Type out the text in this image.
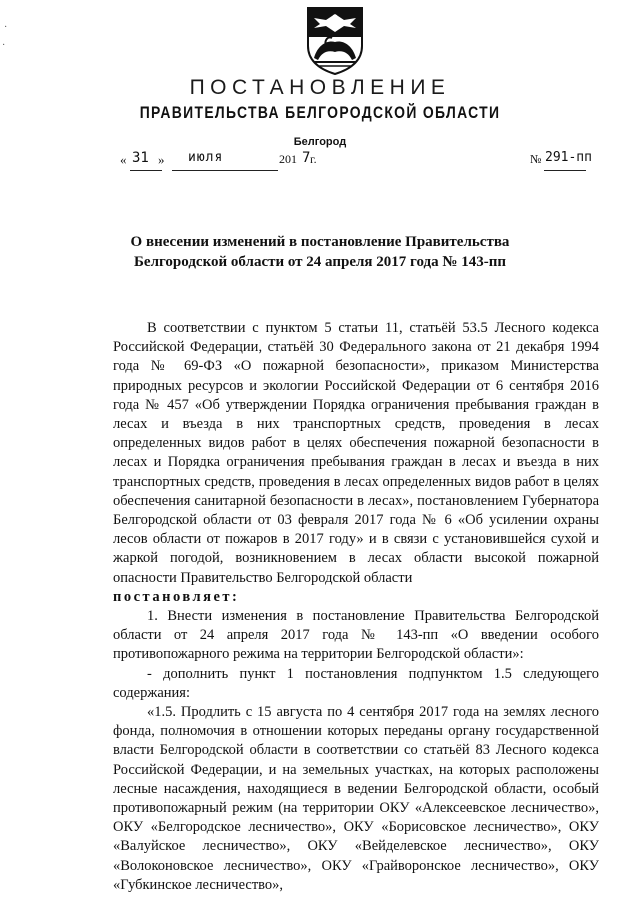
ПОСТАНОВЛЕНИЕ
ПРАВИТЕЛЬСТВА БЕЛГОРОДСКОЙ ОБЛАСТИ
Белгород
« 31 » июля	201 7 г.	№ 291-пп
О внесении изменений в постановление Правительства
Белгородской области от 24 апреля 2017 года № 143-пп

В соответствии с пунктом 5 статьи 11, статьёй 53.5 Лесного кодекса Российской Федерации, статьёй 30 Федерального закона от 21 декабря 1994 года № 69-ФЗ «О пожарной безопасности», приказом Министерства природных ресурсов и экологии Российской Федерации от 6 сентября 2016 года № 457 «Об утверждении Порядка ограничения пребывания граждан в лесах и въезда в них транспортных средств, проведения в лесах определенных видов работ в целях обеспечения пожарной безопасности в лесах и Порядка ограничения пребывания граждан в лесах и въезда в них транспортных средств, проведения в лесах определенных видов работ в целях обеспечения санитарной безопасности в лесах», постановлением Губернатора Белгородской области от 03 февраля 2017 года № 6 «Об усилении охраны лесов области от пожаров в 2017 году» и в связи с установившейся сухой и жаркой погодой, возникновением в лесах области высокой пожарной опасности Правительство Белгородской области

постановляет:

1. Внести изменения в постановление Правительства Белгородской области от 24 апреля 2017 года № 143-пп «О введении особого противопожарного режима на территории Белгородской области»:

- дополнить пункт 1 постановления подпунктом 1.5 следующего содержания:

«1.5. Продлить с 15 августа по 4 сентября 2017 года на землях лесного фонда, полномочия в отношении которых переданы органу государственной власти Белгородской области в соответствии со статьёй 83 Лесного кодекса Российской Федерации, и на земельных участках, на которых расположены лесные насаждения, находящиеся в ведении Белгородской области, особый противопожарный режим (на территории ОКУ «Алексеевское лесничество», ОКУ «Белгородское лесничество», ОКУ «Борисовское лесничество», ОКУ «Валуйское лесничество», ОКУ «Вейделевское лесничество», ОКУ «Волоконовское лесничество», ОКУ «Грайворонское лесничество», ОКУ «Губкинское лесничество»,

·
·
